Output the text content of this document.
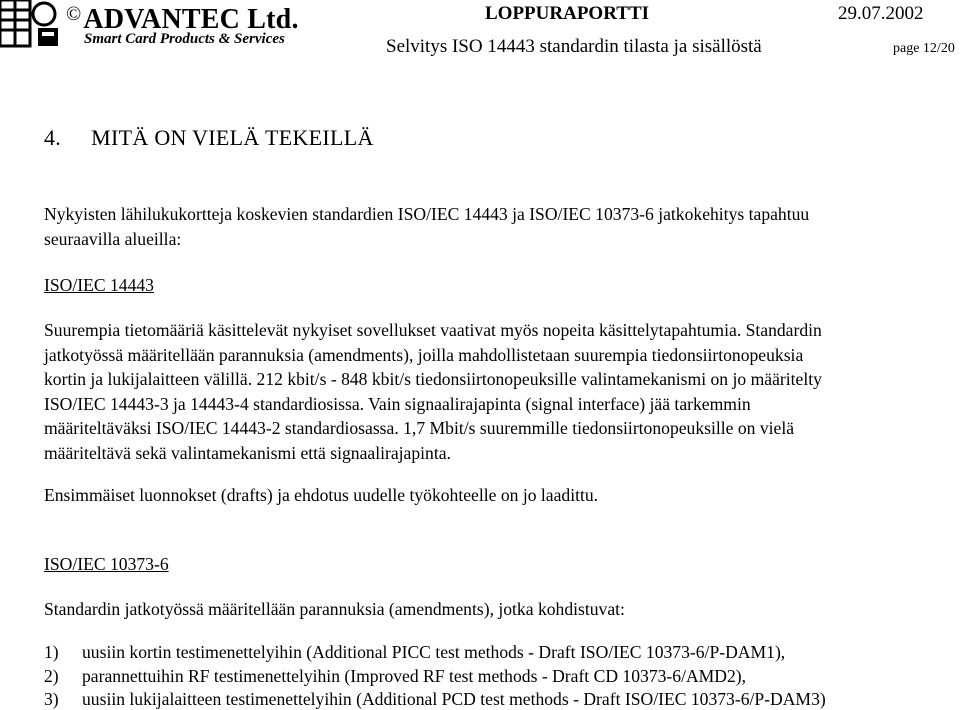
©ADVANTEC Ltd.
Smart Card Products & Services
LOPPURAPORTTI	29.07.2002
Selvitys ISO 14443 standardin tilasta ja sisällöstä	page 12/20
4. MITÄ ON VIELÄ TEKEILLÄ
Nykyisten lähilukukortteja koskevien standardien ISO/IEC 14443 ja ISO/IEC 10373-6 jatkokehitys tapahtuu
seuraavilla alueilla:
ISO/IEC 14443
Suurempia tietomääriä käsittelevät nykyiset sovellukset vaativat myös nopeita käsittelytapahtumia. Standardin
jatkotyössä määritellään parannuksia (amendments), joilla mahdollistetaan suurempia tiedonsiirtonopeuksia
kortin ja lukijalaitteen välillä. 212 kbit/s - 848 kbit/s tiedonsiirtonopeuksille valintamekanismi on jo määritelty
ISO/IEC 14443-3 ja 14443-4 standardiosissa. Vain signaalirajapinta (signal interface) jää tarkemmin
määriteltäväksi ISO/IEC 14443-2 standardiosassa. 1,7 Mbit/s suuremmille tiedonsiirtonopeuksille on vielä
määriteltävä sekä valintamekanismi että signaalirajapinta.
Ensimmäiset luonnokset (drafts) ja ehdotus uudelle työkohteelle on jo laadittu.
ISO/IEC 10373-6
Standardin jatkotyössä määritellään parannuksia (amendments), jotka kohdistuvat:
1) uusiin kortin testimenettelyihin (Additional PICC test methods - Draft ISO/IEC 10373-6/P-DAM1),
2) parannettuihin RF testimenettelyihin (Improved RF test methods - Draft CD 10373-6/AMD2),
3) uusiin lukijalaitteen testimenettelyihin (Additional PCD test methods - Draft ISO/IEC 10373-6/P-DAM3)
